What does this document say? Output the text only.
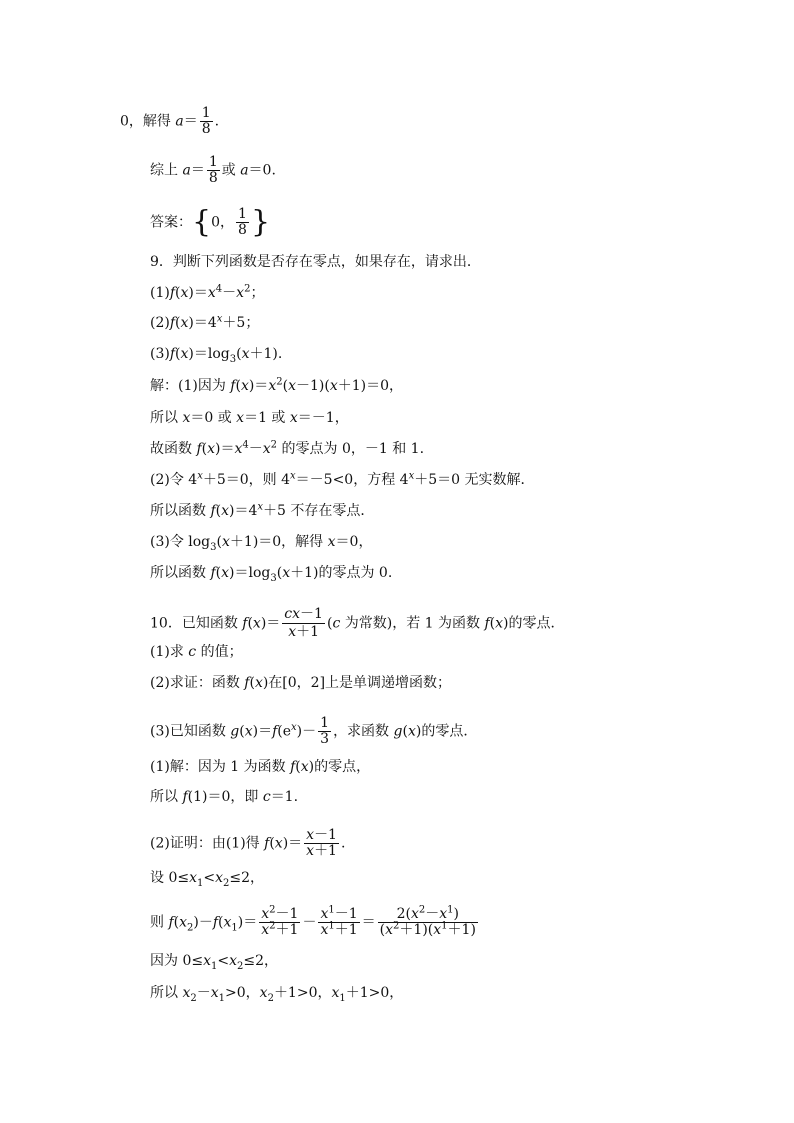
0，解得 $a= \frac{1}{8}$ .
综上 $a= \frac{1}{8}$ 或 a＝0.
答案：{0， $\frac{1}{8}$ }
9．判断下列函数是否存在零点，如果存在，请求出．
$(1)f(x)=x^4-x^2$；
$(2)f(x)=4^x+5$；
$(3)f(x)=\log_3(x+1)$.
解：(1)因为 $f(x)=x^2(x-1)(x+1)=0$，
所以 x＝0 或 x＝1 或 x＝－1，
故函数 $f(x)=x^4-x^2$ 的零点为 0，－1 和 1.
(2)令 $4^x+5=0$，则 $4^x=-5<0$，方程 $4^x+5=0$ 无实数解．
所以函数 $f(x)=4^x+5$ 不存在零点．
(3)令 $\log_3(x+1)=0$，解得 x＝0，
所以函数 $f(x)=\log_3(x+1)$的零点为 0.
10．已知函数 $f(x)= \frac{cx-1}{x+1} (c$ 为常数)，若 1 为函数 f(x)的零点．
(1)求 c 的值；
(2)求证：函数 f(x)在[0，2]上是单调递增函数；
(3)已知函数 $g(x)=f(e^x)- \frac{1}{3}$ ，求函数 g(x)的零点．
(1)解：因为 1 为函数 f(x)的零点，
所以 f(1)＝0，即 c＝1.
(2)证明：由(1)得 $f(x)= \frac{x-1}{x+1}$ .
设 $0\le x_1<x_2\le 2$，
则 $f(x_2)-f(x_1)= \frac{x^2-1}{x^2+1} - \frac{x^1-1}{x^1+1} = \frac{2(x^2-x^1)}{(x^2+1)(x^1+1)}$
因为 $0\le x_1<x_2\le 2$，
所以 $x_2-x_1>0$，$x_2+1>0$，$x_1+1>0$，
